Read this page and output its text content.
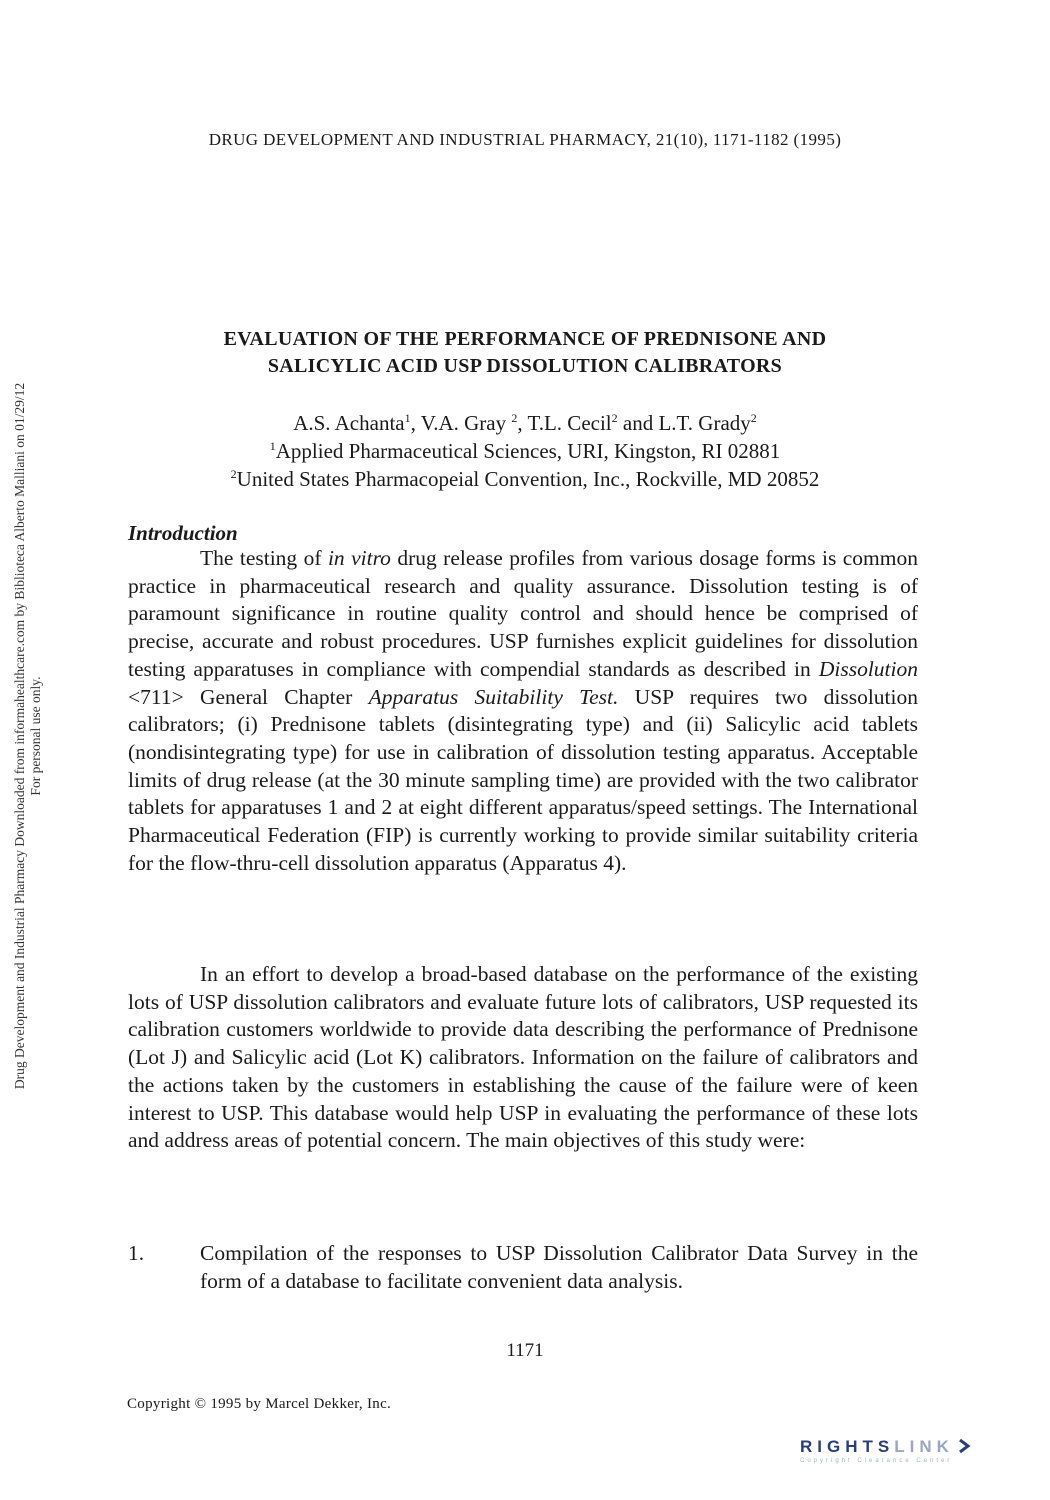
DRUG DEVELOPMENT AND INDUSTRIAL PHARMACY, 21(10), 1171-1182 (1995)
Drug Development and Industrial Pharmacy Downloaded from informahealthcare.com by Biblioteca Alberto Malliani on 01/29/12 For personal use only.
EVALUATION OF THE PERFORMANCE OF PREDNISONE AND
SALICYLIC ACID USP DISSOLUTION CALIBRATORS
A.S. Achanta$^1$, V.A. Gray $^2$, T.L. Cecil$^2$ and L.T. Grady$^2$
$^1$Applied Pharmaceutical Sciences, URI, Kingston, RI 02881
$^2$United States Pharmacopeial Convention, Inc., Rockville, MD 20852
Introduction
The testing of in vitro drug release profiles from various dosage forms is common practice in pharmaceutical research and quality assurance. Dissolution testing is of paramount significance in routine quality control and should hence be comprised of precise, accurate and robust procedures. USP furnishes explicit guidelines for dissolution testing apparatuses in compliance with compendial standards as described in Dissolution <711> General Chapter Apparatus Suitability Test. USP requires two dissolution calibrators; (i) Prednisone tablets (disintegrating type) and (ii) Salicylic acid tablets (nondisintegrating type) for use in calibration of dissolution testing apparatus. Acceptable limits of drug release (at the 30 minute sampling time) are provided with the two calibrator tablets for apparatuses 1 and 2 at eight different apparatus/speed settings. The International Pharmaceutical Federation (FIP) is currently working to provide similar suitability criteria for the flow-thru-cell dissolution apparatus (Apparatus 4).
In an effort to develop a broad-based database on the performance of the existing lots of USP dissolution calibrators and evaluate future lots of calibrators, USP requested its calibration customers worldwide to provide data describing the performance of Prednisone (Lot J) and Salicylic acid (Lot K) calibrators. Information on the failure of calibrators and the actions taken by the customers in establishing the cause of the failure were of keen interest to USP. This database would help USP in evaluating the performance of these lots and address areas of potential concern. The main objectives of this study were:
1.	Compilation of the responses to USP Dissolution Calibrator Data Survey in the form of a database to facilitate convenient data analysis.
1171
Copyright © 1995 by Marcel Dekker, Inc.
RIGHTSLINK
Copyright Clearance Center
